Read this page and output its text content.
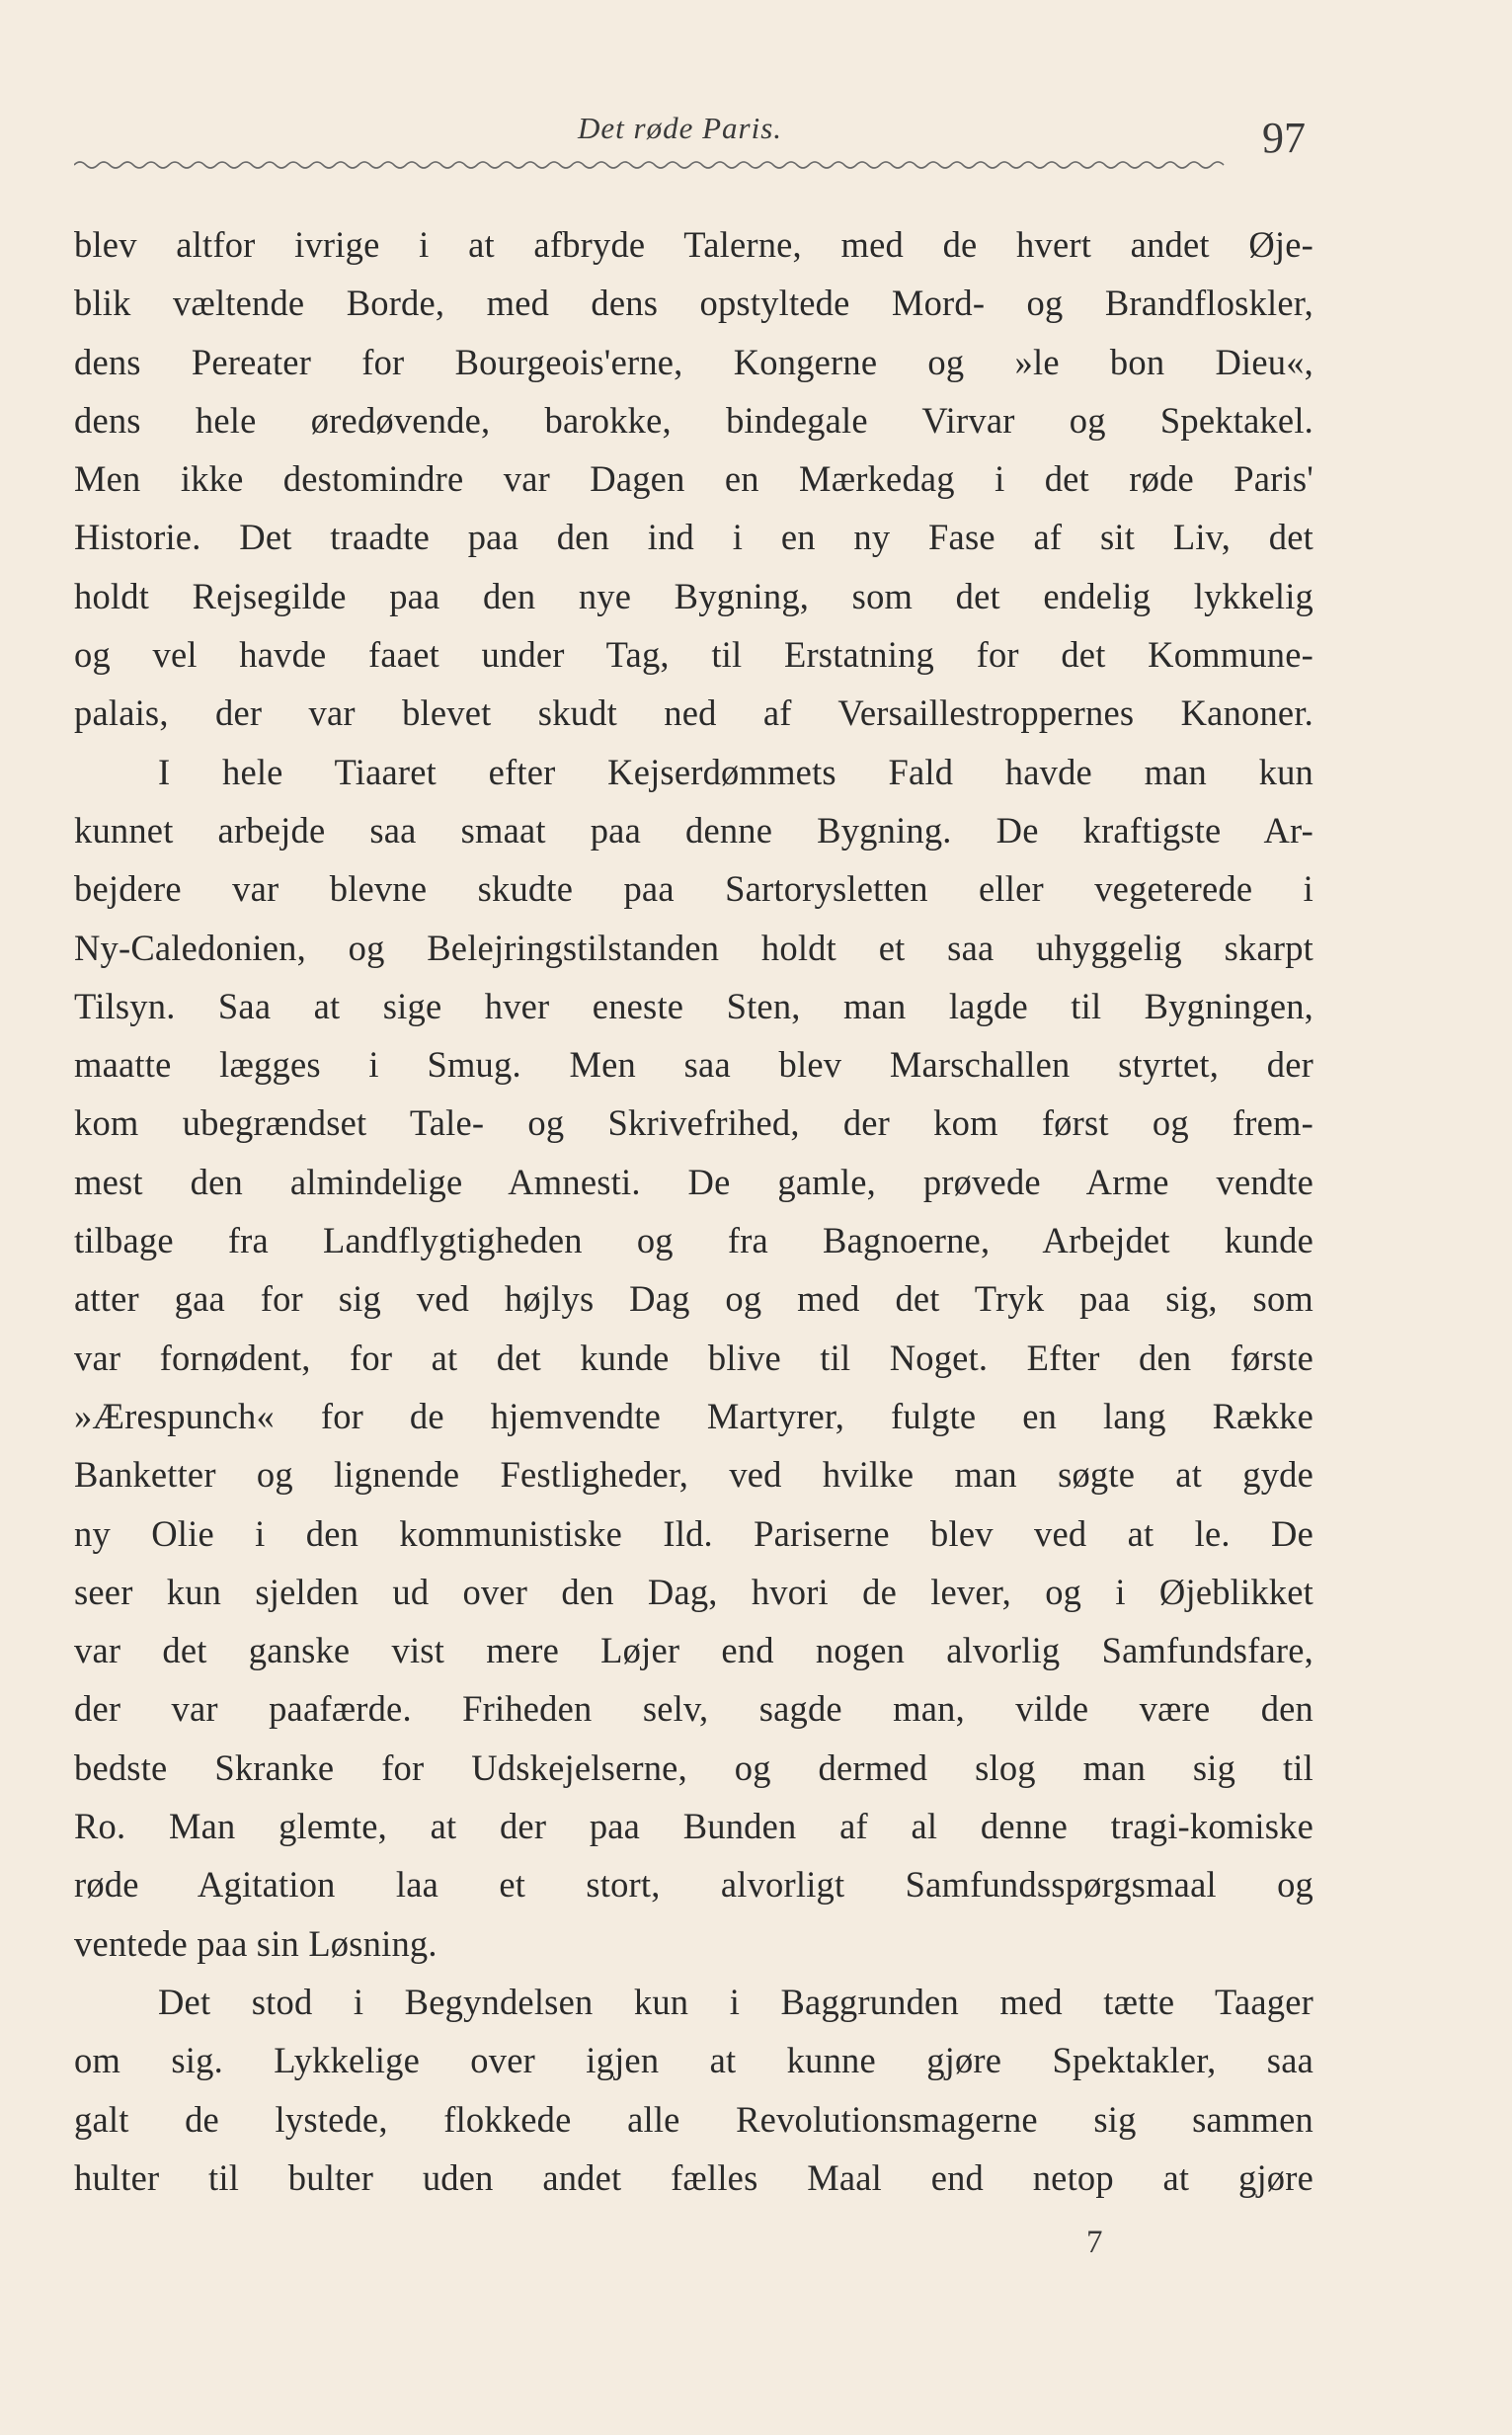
Det røde Paris.	97
blev altfor ivrige i at afbryde Talerne, med de hvert andet Øje-
blik væltende Borde, med dens opstyltede Mord- og Brandfloskler,
dens Pereater for Bourgeois'erne, Kongerne og »le bon Dieu«,
dens hele øredøvende, barokke, bindegale Virvar og Spektakel.
Men ikke destomindre var Dagen en Mærkedag i det røde Paris'
Historie. Det traadte paa den ind i en ny Fase af sit Liv, det
holdt Rejsegilde paa den nye Bygning, som det endelig lykkelig
og vel havde faaet under Tag, til Erstatning for det Kommune-
palais, der var blevet skudt ned af Versaillestroppernes Kanoner.
I hele Tiaaret efter Kejserdømmets Fald havde man kun
kunnet arbejde saa smaat paa denne Bygning. De kraftigste Ar-
bejdere var blevne skudte paa Sartorysletten eller vegeterede i
Ny-Caledonien, og Belejringstilstanden holdt et saa uhyggelig skarpt
Tilsyn. Saa at sige hver eneste Sten, man lagde til Bygningen,
maatte lægges i Smug. Men saa blev Marschallen styrtet, der
kom ubegrændset Tale- og Skrivefrihed, der kom først og frem-
mest den almindelige Amnesti. De gamle, prøvede Arme vendte
tilbage fra Landflygtigheden og fra Bagnoerne, Arbejdet kunde
atter gaa for sig ved højlys Dag og med det Tryk paa sig, som
var fornødent, for at det kunde blive til Noget. Efter den første
»Ærespunch« for de hjemvendte Martyrer, fulgte en lang Række
Banketter og lignende Festligheder, ved hvilke man søgte at gyde
ny Olie i den kommunistiske Ild. Pariserne blev ved at le. De
seer kun sjelden ud over den Dag, hvori de lever, og i Øjeblikket
var det ganske vist mere Løjer end nogen alvorlig Samfundsfare,
der var paafærde. Friheden selv, sagde man, vilde være den
bedste Skranke for Udskejelserne, og dermed slog man sig til
Ro. Man glemte, at der paa Bunden af al denne tragi-komiske
røde Agitation laa et stort, alvorligt Samfundsspørgsmaal og
ventede paa sin Løsning.
Det stod i Begyndelsen kun i Baggrunden med tætte Taager
om sig. Lykkelige over igjen at kunne gjøre Spektakler, saa
galt de lystede, flokkede alle Revolutionsmagerne sig sammen
hulter til bulter uden andet fælles Maal end netop at gjøre
7
